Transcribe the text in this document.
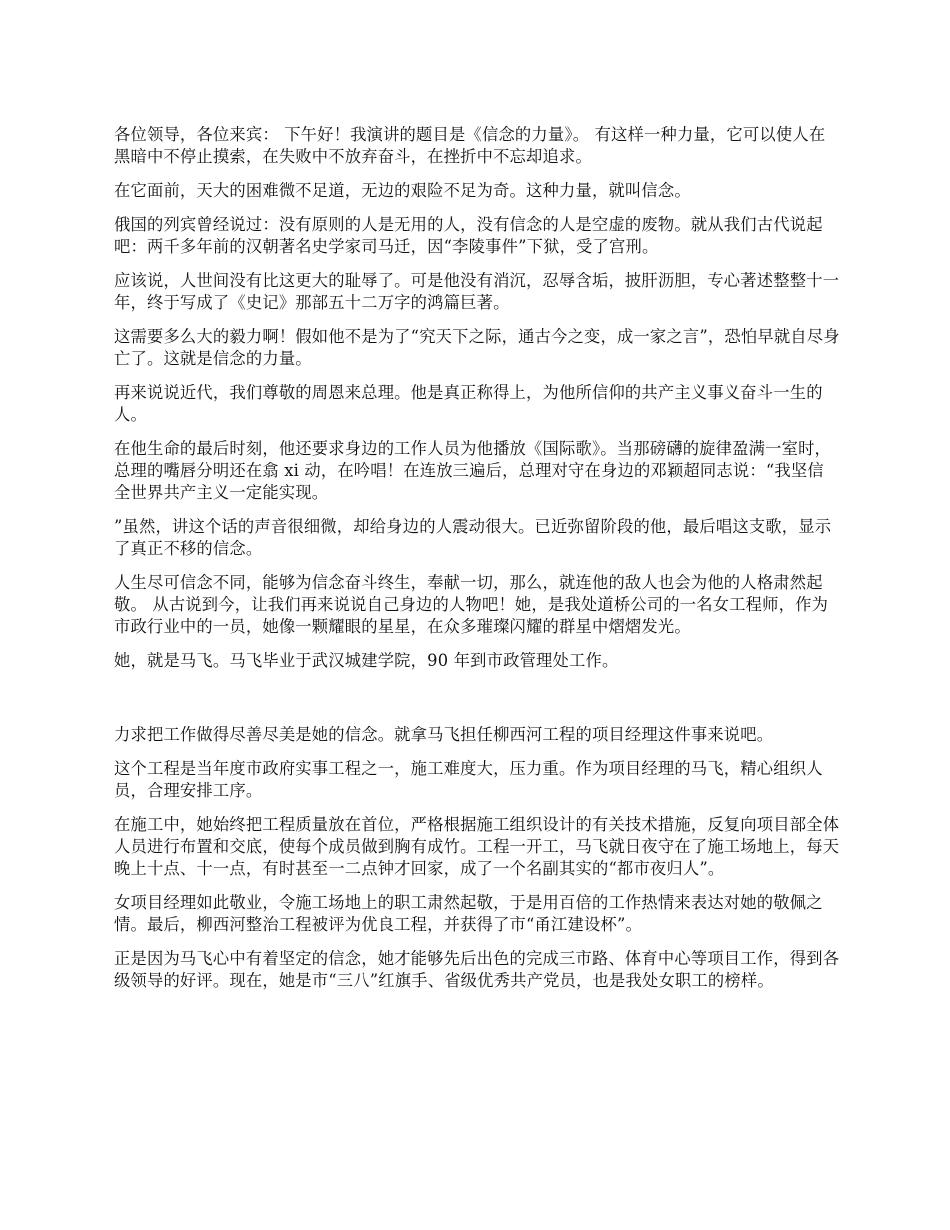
各位领导，各位来宾： 下午好！我演讲的题目是《信念的力量》。 有这样一种力量，它可以使人在黑暗中不停止摸索，在失败中不放弃奋斗，在挫折中不忘却追求。

在它面前，天大的困难微不足道，无边的艰险不足为奇。这种力量，就叫信念。

俄国的列宾曾经说过：没有原则的人是无用的人，没有信念的人是空虚的废物。就从我们古代说起吧：两千多年前的汉朝著名史学家司马迁，因“李陵事件”下狱，受了宫刑。

应该说，人世间没有比这更大的耻辱了。可是他没有消沉，忍辱含垢，披肝沥胆，专心著述整整十一年，终于写成了《史记》那部五十二万字的鸿篇巨著。

这需要多么大的毅力啊！假如他不是为了“究天下之际，通古今之变，成一家之言”，恐怕早就自尽身亡了。这就是信念的力量。

再来说说近代，我们尊敬的周恩来总理。他是真正称得上，为他所信仰的共产主义事义奋斗一生的人。

在他生命的最后时刻，他还要求身边的工作人员为他播放《国际歌》。当那磅礴的旋律盈满一室时，总理的嘴唇分明还在翕 xi 动，在吟唱！在连放三遍后，总理对守在身边的邓颖超同志说：“我坚信全世界共产主义一定能实现。

”虽然，讲这个话的声音很细微，却给身边的人震动很大。已近弥留阶段的他，最后唱这支歌，显示了真正不移的信念。

人生尽可信念不同，能够为信念奋斗终生，奉献一切，那么，就连他的敌人也会为他的人格肃然起敬。 从古说到今，让我们再来说说自己身边的人物吧！她，是我处道桥公司的一名女工程师，作为市政行业中的一员，她像一颗耀眼的星星，在众多璀璨闪耀的群星中熠熠发光。

她，就是马飞。马飞毕业于武汉城建学院，90 年到市政管理处工作。

力求把工作做得尽善尽美是她的信念。就拿马飞担任柳西河工程的项目经理这件事来说吧。

这个工程是当年度市政府实事工程之一，施工难度大，压力重。作为项目经理的马飞，精心组织人员，合理安排工序。

在施工中，她始终把工程质量放在首位，严格根据施工组织设计的有关技术措施，反复向项目部全体人员进行布置和交底，使每个成员做到胸有成竹。工程一开工，马飞就日夜守在了施工场地上，每天晚上十点、十一点，有时甚至一二点钟才回家，成了一个名副其实的“都市夜归人”。

女项目经理如此敬业，令施工场地上的职工肃然起敬，于是用百倍的工作热情来表达对她的敬佩之情。最后，柳西河整治工程被评为优良工程，并获得了市“甬江建设杯”。

正是因为马飞心中有着坚定的信念，她才能够先后出色的完成三市路、体育中心等项目工作，得到各级领导的好评。现在，她是市“三八”红旗手、省级优秀共产党员，也是我处女职工的榜样。
